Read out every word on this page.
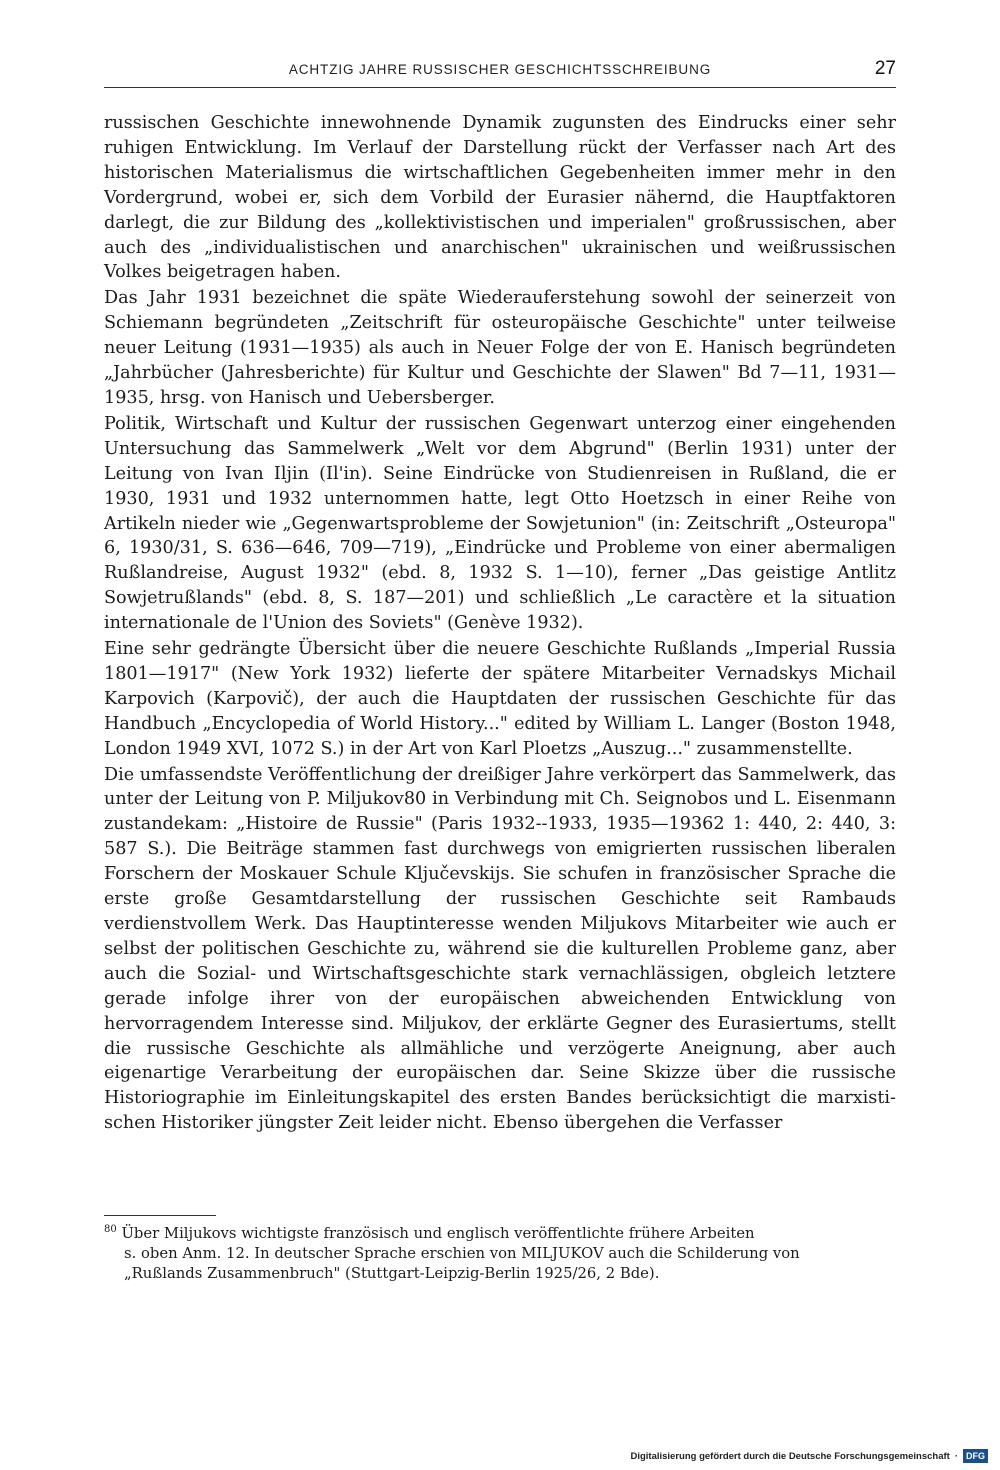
ACHTZIG JAHRE RUSSISCHER GESCHICHTSSCHREIBUNG	27

russischen Geschichte innewohnende Dynamik zugunsten des Eindrucks einer sehr ruhigen Entwicklung. Im Verlauf der Darstellung rückt der Verfasser nach Art des historischen Materialismus die wirtschaftlichen Gegebenheiten immer mehr in den Vordergrund, wobei er, sich dem Vorbild der Eurasier nähernd, die Hauptfaktoren darlegt, die zur Bildung des „kollektivistischen und imperialen" großrussischen, aber auch des „individualistischen und anarchischen" ukrainischen und weißrussischen Volkes beigetragen haben.

Das Jahr 1931 bezeichnet die späte Wiederauferstehung sowohl der seinerzeit von Schiemann begründeten „Zeitschrift für osteuropäische Geschichte" unter teilweise neuer Leitung (1931—1935) als auch in Neuer Folge der von E. Hanisch begründeten „Jahrbücher (Jahresberichte) für Kultur und Geschichte der Slawen" Bd 7—11, 1931—1935, hrsg. von Hanisch und Uebersberger.

Politik, Wirtschaft und Kultur der russischen Gegenwart unterzog einer eingehenden Untersuchung das Sammelwerk „Welt vor dem Abgrund" (Berlin 1931) unter der Leitung von Ivan Iljin (Il'in). Seine Eindrücke von Studienreisen in Rußland, die er 1930, 1931 und 1932 unternommen hatte, legt Otto Hoetzsch in einer Reihe von Artikeln nieder wie „Gegenwartsprobleme der Sowjetunion" (in: Zeitschrift „Osteuropa" 6, 1930/31, S. 636—646, 709—719), „Eindrücke und Probleme von einer abermaligen Rußlandreise, August 1932" (ebd. 8, 1932 S. 1—10), ferner „Das geistige Antlitz Sowjetrußlands" (ebd. 8, S. 187—201) und schließlich „Le caractère et la situation internationale de l'Union des Soviets" (Genève 1932).

Eine sehr gedrängte Übersicht über die neuere Geschichte Rußlands „Imperial Russia 1801—1917" (New York 1932) lieferte der spätere Mitarbeiter Vernadskys Michail Karpovich (Karpovič), der auch die Hauptdaten der russischen Geschichte für das Handbuch „Encyclopedia of World History..." edited by William L. Langer (Boston 1948, London 1949 XVI, 1072 S.) in der Art von Karl Ploetzs „Auszug..." zusammenstellte.

Die umfassendste Veröffentlichung der dreißiger Jahre verkörpert das Sammelwerk, das unter der Leitung von P. Miljukov80 in Verbindung mit Ch. Seignobos und L. Eisenmann zustandekam: „Histoire de Russie" (Paris 1932--1933, 1935—19362 1: 440, 2: 440, 3: 587 S.). Die Beiträge stammen fast durchwegs von emigrierten russischen liberalen Forschern der Moskauer Schule Ključevskijs. Sie schufen in französischer Sprache die erste große Gesamtdarstellung der russischen Geschichte seit Rambauds verdienstvollem Werk. Das Hauptinteresse wenden Miljukovs Mitarbeiter wie auch er selbst der politischen Geschichte zu, während sie die kulturellen Probleme ganz, aber auch die Sozial- und Wirtschaftsgeschichte stark vernachlässigen, obgleich letztere gerade infolge ihrer von der europäischen abweichenden Entwicklung von hervorragendem Interesse sind. Miljukov, der erklärte Gegner des Eurasiertums, stellt die russische Geschichte als allmähliche und verzögerte Aneignung, aber auch eigenartige Verarbeitung der europäischen dar. Seine Skizze über die russische Historiographie im Einleitungskapitel des ersten Bandes berücksichtigt die marxistischen Historiker jüngster Zeit leider nicht. Ebenso übergehen die Verfasser

$^{80}$ Über Miljukovs wichtigste französisch und englisch veröffentlichte frühere Arbeiten
s. oben Anm. 12. In deutscher Sprache erschien von MILJUKOV auch die Schilderung von
„Rußlands Zusammenbruch" (Stuttgart-Leipzig-Berlin 1925/26, 2 Bde).
Digitalisierung gefördert durch die Deutsche Forschungsgemeinschaft · DFG
